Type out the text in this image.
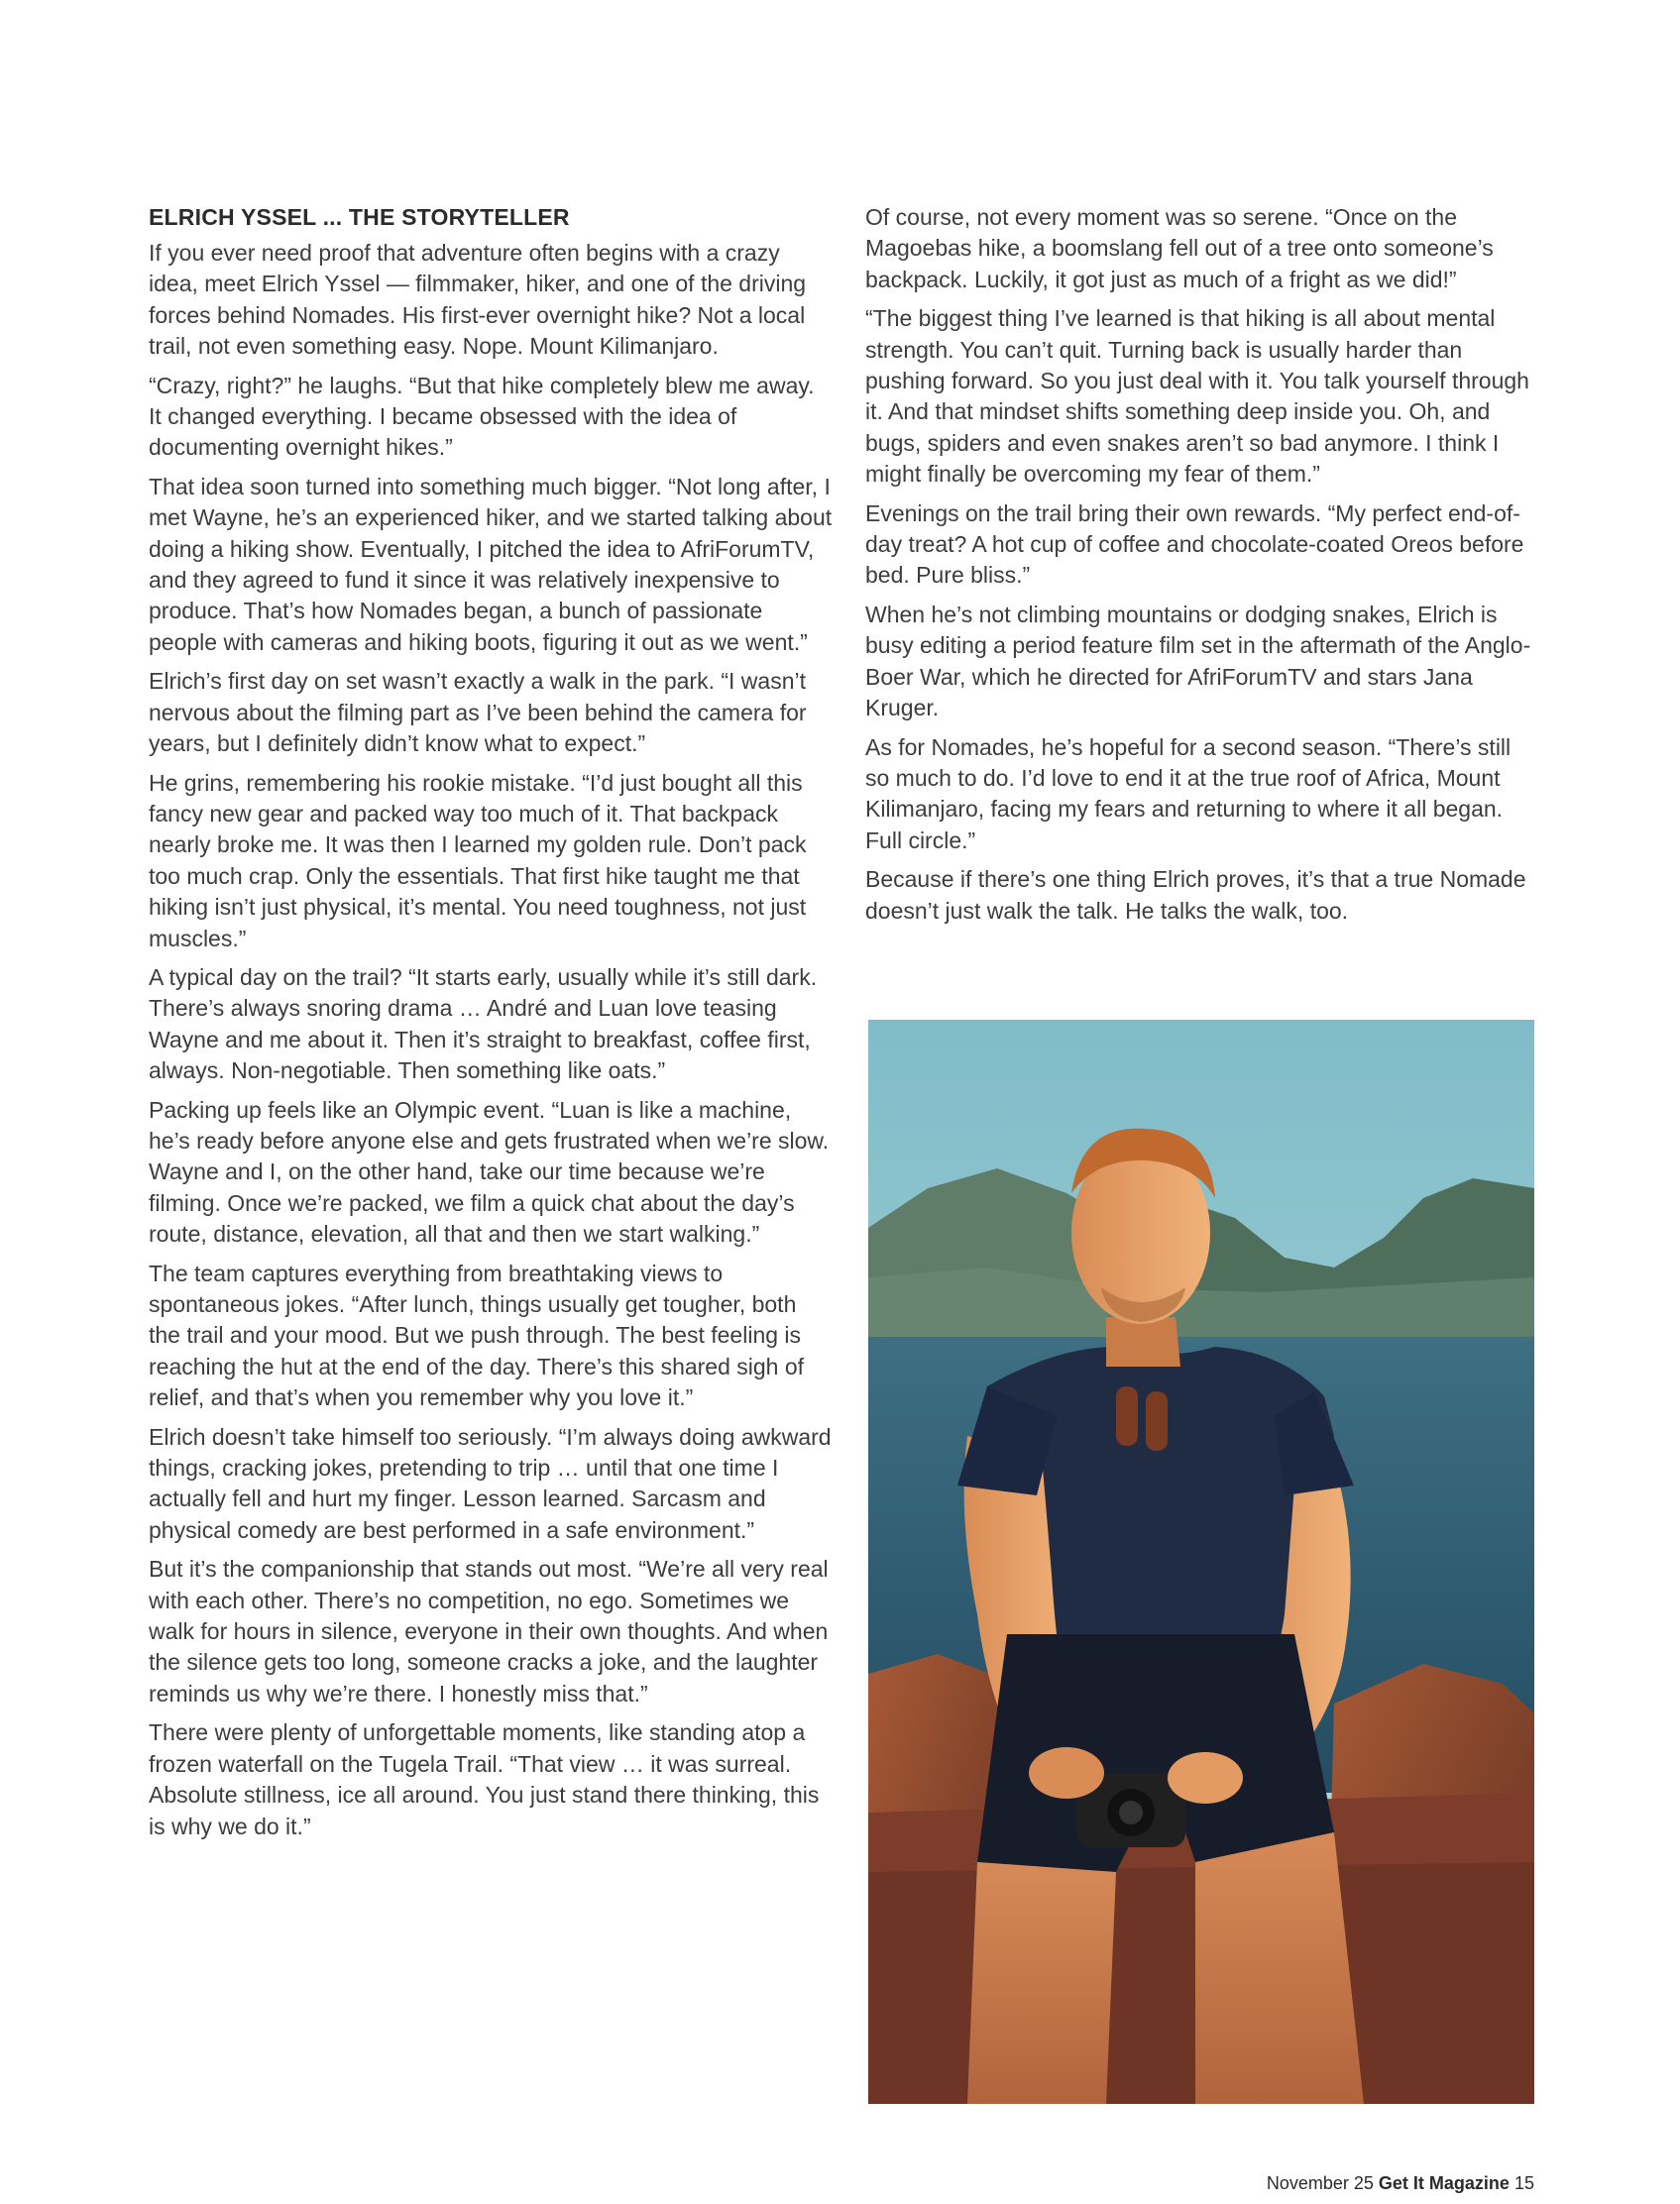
ELRICH YSSEL ... THE STORYTELLER

If you ever need proof that adventure often begins with a crazy idea, meet Elrich Yssel — filmmaker, hiker, and one of the driving forces behind Nomades. His first-ever overnight hike? Not a local trail, not even something easy. Nope. Mount Kilimanjaro.

“Crazy, right?” he laughs. “But that hike completely blew me away. It changed everything. I became obsessed with the idea of documenting overnight hikes.”

That idea soon turned into something much bigger. “Not long after, I met Wayne, he’s an experienced hiker, and we started talking about doing a hiking show. Eventually, I pitched the idea to AfriForumTV, and they agreed to fund it since it was relatively inexpensive to produce. That’s how Nomades began, a bunch of passionate people with cameras and hiking boots, figuring it out as we went.”

Elrich’s first day on set wasn’t exactly a walk in the park. “I wasn’t nervous about the filming part as I’ve been behind the camera for years, but I definitely didn’t know what to expect.”

He grins, remembering his rookie mistake. “I’d just bought all this fancy new gear and packed way too much of it. That backpack nearly broke me. It was then I learned my golden rule. Don’t pack too much crap. Only the essentials. That first hike taught me that hiking isn’t just physical, it’s mental. You need toughness, not just muscles.”

A typical day on the trail? “It starts early, usually while it’s still dark. There’s always snoring drama … André and Luan love teasing Wayne and me about it. Then it’s straight to breakfast, coffee first, always. Non-negotiable. Then something like oats.”

Packing up feels like an Olympic event. “Luan is like a machine, he’s ready before anyone else and gets frustrated when we’re slow. Wayne and I, on the other hand, take our time because we’re filming. Once we’re packed, we film a quick chat about the day’s route, distance, elevation, all that and then we start walking.”

The team captures everything from breathtaking views to spontaneous jokes. “After lunch, things usually get tougher, both the trail and your mood. But we push through. The best feeling is reaching the hut at the end of the day. There’s this shared sigh of relief, and that’s when you remember why you love it.”

Elrich doesn’t take himself too seriously. “I’m always doing awkward things, cracking jokes, pretending to trip … until that one time I actually fell and hurt my finger. Lesson learned. Sarcasm and physical comedy are best performed in a safe environment.”

But it’s the companionship that stands out most. “We’re all very real with each other. There’s no competition, no ego. Sometimes we walk for hours in silence, everyone in their own thoughts. And when the silence gets too long, someone cracks a joke, and the laughter reminds us why we’re there. I honestly miss that.”

There were plenty of unforgettable moments, like standing atop a frozen waterfall on the Tugela Trail. “That view … it was surreal. Absolute stillness, ice all around. You just stand there thinking, this is why we do it.”

Of course, not every moment was so serene. “Once on the Magoebas hike, a boomslang fell out of a tree onto someone’s backpack. Luckily, it got just as much of a fright as we did!”

“The biggest thing I’ve learned is that hiking is all about mental strength. You can’t quit. Turning back is usually harder than pushing forward. So you just deal with it. You talk yourself through it. And that mindset shifts something deep inside you. Oh, and bugs, spiders and even snakes aren’t so bad anymore. I think I might finally be overcoming my fear of them.”

Evenings on the trail bring their own rewards. “My perfect end-of-day treat? A hot cup of coffee and chocolate-coated Oreos before bed. Pure bliss.”

When he’s not climbing mountains or dodging snakes, Elrich is busy editing a period feature film set in the aftermath of the Anglo-Boer War, which he directed for AfriForumTV and stars Jana Kruger.

As for Nomades, he’s hopeful for a second season. “There’s still so much to do. I’d love to end it at the true roof of Africa, Mount Kilimanjaro, facing my fears and returning to where it all began. Full circle.”

Because if there’s one thing Elrich proves, it’s that a true Nomade doesn’t just walk the talk. He talks the walk, too.

November 25 Get It Magazine 15
